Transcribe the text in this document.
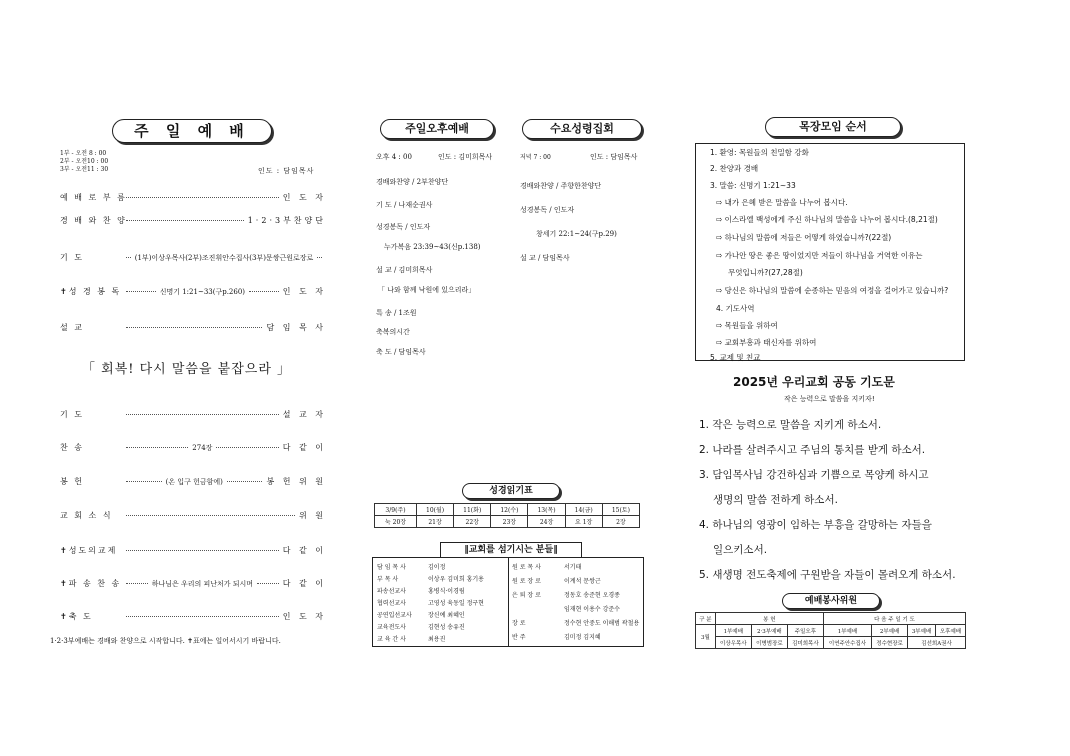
주 일 예 배
1부 - 오전 8 : 00
2부 - 오전10 : 00
3부 - 오전11 : 30	인도 : 담임목사
예 배 로 부 름	인 도 자
경 배 와 찬 양	1·2·3부찬양단
기 도	(1부)이상우목사(2부)조진휘안수집사(3부)문쌍근원로장로
✝성 경 봉 독	신명기 1:21~33(구p.260)	인 도 자
설 교	담 임 목 사
「 회복! 다시 말씀을 붙잡으라 」
기 도	설 교 자
찬 송	274장	다 같 이
봉 헌	(온 입구 헌금함에)	봉 헌 위 원
교 회 소 식	위 원
✝성도의교제	다 같 이
✝파 송 찬 송	하나님은 우리의 피난처가 되시며	다 같 이
✝축 도	인 도 자
1·2·3부예배는 경배와 찬양으로 시작합니다. ✝표에는 일어서시기 바랍니다.
주일오후예배	수요성령집회
오후 4 : 00	인도 : 김미희목사
경배와찬양 / 2부찬양단
기 도 / 나재순권사
성경봉독 / 인도자
누가복음 23:39~43(신p.138)
설 교 / 김미희목사
「 나와 함께 낙원에 있으리라」
특 송 / 1조원
축복의시간
축 도 / 담임목사
저녁 7 : 00	인도 : 담임목사
경배와찬양 / 주향한찬양단
성경봉독 / 인도자
창세기 22:1~24(구p.29)
설 교 / 담임목사
성경읽기표
3/9(주)	10(월)	11(화)	12(수)	13(목)	14(금)	15(토)
눅 20장	21장	22장	23장	24장	요 1장	2장
‖교회를 섬기시는 분들‖
담 임 목 사	김이정
부 목 사	이상우 김미희 홍기용
파송선교사	홍병식·이경림
협력선교사	고영성 육동일 정구현
공연입선교사	장신예 최혜인
교육전도사	김현성 송유진
교 육 간 사	최용진
원 로 목 사	서기태
원 로 장 로	이계석 문쌍근
은 퇴 장 로	정동호 송준현 오경종
임재현 이용수 강준수
장 로	정수현 안중도 이해범 곽철용
반 주	김미정 김지혜
목장모임 순서
1. 환영: 목원들의 친밀함 강화
2. 찬양과 경배
3. 말씀: 신명기 1:21~33
⇨ 내가 은혜 받은 말씀을 나누어 봅시다.
⇨ 이스라엘 백성에게 주신 하나님의 말씀을 나누어 봅시다.(8,21절)
⇨ 하나님의 말씀에 저들은 어떻게 하였습니까?(22절)
⇨ 가나안 땅은 좋은 땅이었지만 저들이 하나님을 거역한 이유는
무엇입니까?(27,28절)
⇨ 당신은 하나님의 말씀에 순종하는 믿음의 여정을 걸어가고 있습니까?
4. 기도사역
⇨ 목원들을 위하여
⇨ 교회부흥과 태신자를 위하여
5. 교제 및 친교
2025년 우리교회 공동 기도문
작은 능력으로 말씀을 지키자!
1. 작은 능력으로 말씀을 지키게 하소서.
2. 나라를 살려주시고 주님의 통치를 받게 하소서.
3. 담임목사님 강건하심과 기쁨으로 목양케 하시고
생명의 말씀 전하게 하소서.
4. 하나님의 영광이 임하는 부흥을 갈망하는 자들을
일으키소서.
5. 새생명 전도축제에 구원받을 자들이 몰려오게 하소서.
예배봉사위원
구 분	봉 헌			다 음 주 일 기 도			
3월	1부예배	2·3부예배	주일오후	1부예배	2부예배	3부예배	오후예배
	이상우목사	이병범장로	김미희목사	이연주안수집사	정수현장로	김선희A권사	
